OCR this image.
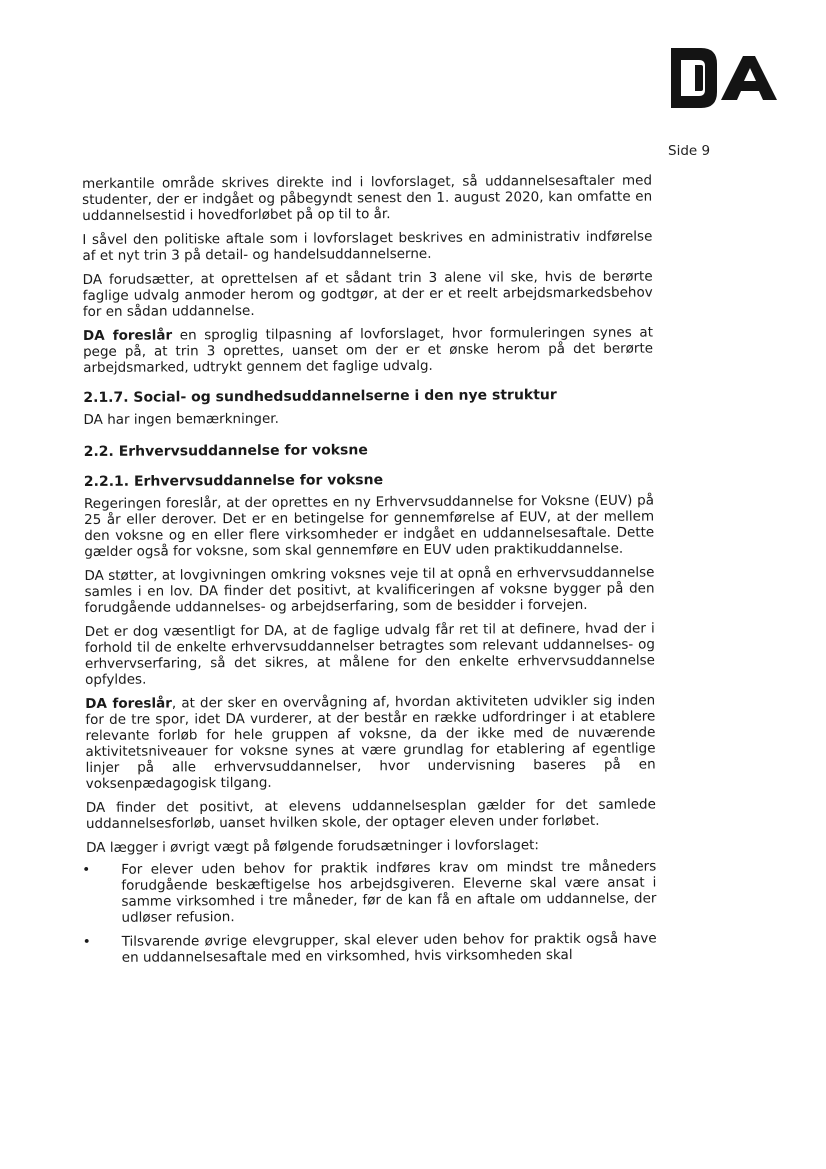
Side 9

merkantile område skrives direkte ind i lovforslaget, så uddannelsesaftaler med studenter, der er indgået og påbegyndt senest den 1. august 2020, kan omfatte en uddannelsestid i hovedforløbet på op til to år.

I såvel den politiske aftale som i lovforslaget beskrives en administrativ indførelse af et nyt trin 3 på detail- og handelsuddannelserne.

DA forudsætter, at oprettelsen af et sådant trin 3 alene vil ske, hvis de berørte faglige udvalg anmoder herom og godtgør, at der er et reelt arbejdsmarkedsbehov for en sådan uddannelse.

DA foreslår en sproglig tilpasning af lovforslaget, hvor formuleringen synes at pege på, at trin 3 oprettes, uanset om der er et ønske herom på det berørte arbejdsmarked, udtrykt gennem det faglige udvalg.

2.1.7. Social- og sundhedsuddannelserne i den nye struktur

DA har ingen bemærkninger.

2.2. Erhvervsuddannelse for voksne
2.2.1. Erhvervsuddannelse for voksne

Regeringen foreslår, at der oprettes en ny Erhvervsuddannelse for Voksne (EUV) på 25 år eller derover. Det er en betingelse for gennemførelse af EUV, at der mellem den voksne og en eller flere virksomheder er indgået en uddannelsesaftale. Dette gælder også for voksne, som skal gennemføre en EUV uden praktikuddannelse.

DA støtter, at lovgivningen omkring voksnes veje til at opnå en erhvervsuddannelse samles i en lov. DA finder det positivt, at kvalificeringen af voksne bygger på den forudgående uddannelses- og arbejdserfaring, som de besidder i forvejen.

Det er dog væsentligt for DA, at de faglige udvalg får ret til at definere, hvad der i forhold til de enkelte erhvervsuddannelser betragtes som relevant uddannelses- og erhvervserfaring, så det sikres, at målene for den enkelte erhvervsuddannelse opfyldes.

DA foreslår, at der sker en overvågning af, hvordan aktiviteten udvikler sig inden for de tre spor, idet DA vurderer, at der består en række udfordringer i at etablere relevante forløb for hele gruppen af voksne, da der ikke med de nuværende aktivitetsniveauer for voksne synes at være grundlag for etablering af egentlige linjer på alle erhvervsuddannelser, hvor undervisning baseres på en voksenpædagogisk tilgang.

DA finder det positivt, at elevens uddannelsesplan gælder for det samlede uddannelsesforløb, uanset hvilken skole, der optager eleven under forløbet.

DA lægger i øvrigt vægt på følgende forudsætninger i lovforslaget:

• For elever uden behov for praktik indføres krav om mindst tre måneders forudgående beskæftigelse hos arbejdsgiveren. Eleverne skal være ansat i samme virksomhed i tre måneder, før de kan få en aftale om uddannelse, der udløser refusion.
• Tilsvarende øvrige elevgrupper, skal elever uden behov for praktik også have en uddannelsesaftale med en virksomhed, hvis virksomheden skal
